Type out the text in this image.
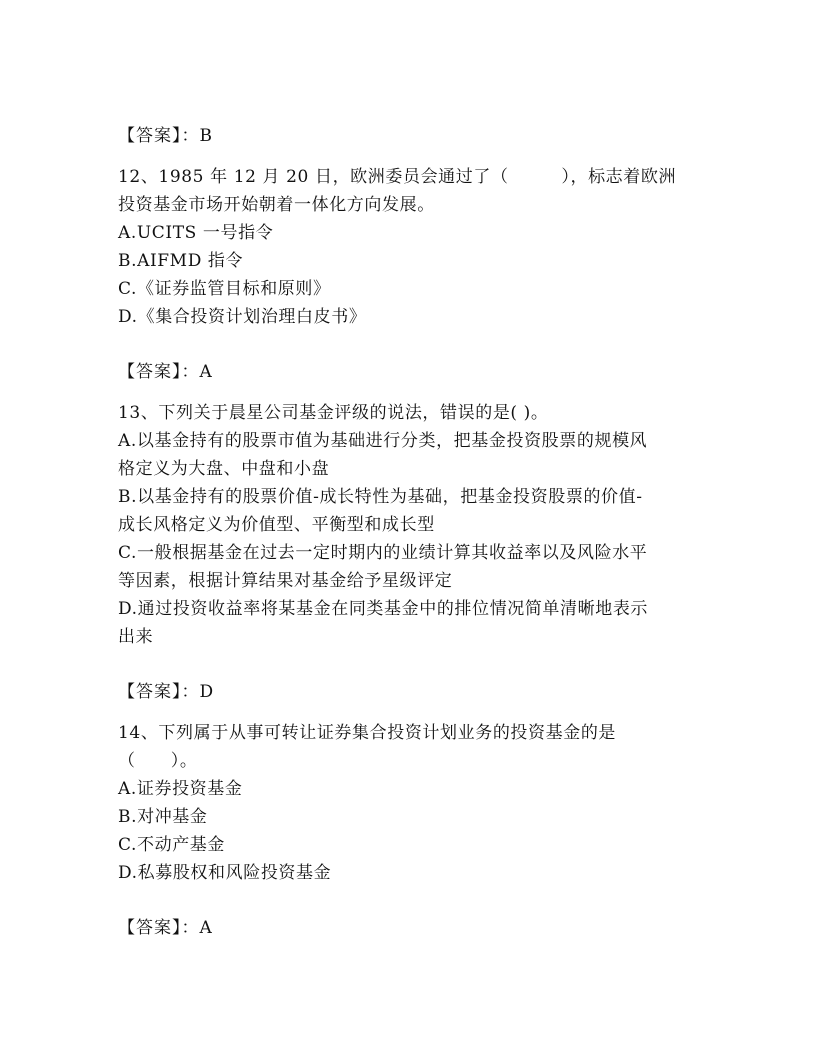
【答案】：B
12、1985 年 12 月 20 日，欧洲委员会通过了（　　　），标志着欧洲
投资基金市场开始朝着一体化方向发展。
A.UCITS 一号指令
B.AIFMD 指令
C.《证券监管目标和原则》
D.《集合投资计划治理白皮书》
【答案】：A
13、下列关于晨星公司基金评级的说法，错误的是( )。
A.以基金持有的股票市值为基础进行分类，把基金投资股票的规模风
格定义为大盘、中盘和小盘
B.以基金持有的股票价值-成长特性为基础，把基金投资股票的价值-
成长风格定义为价值型、平衡型和成长型
C.一般根据基金在过去一定时期内的业绩计算其收益率以及风险水平
等因素，根据计算结果对基金给予星级评定
D.通过投资收益率将某基金在同类基金中的排位情况简单清晰地表示
出来
【答案】：D
14、下列属于从事可转让证券集合投资计划业务的投资基金的是
（　　）。
A.证券投资基金
B.对冲基金
C.不动产基金
D.私募股权和风险投资基金
【答案】：A
